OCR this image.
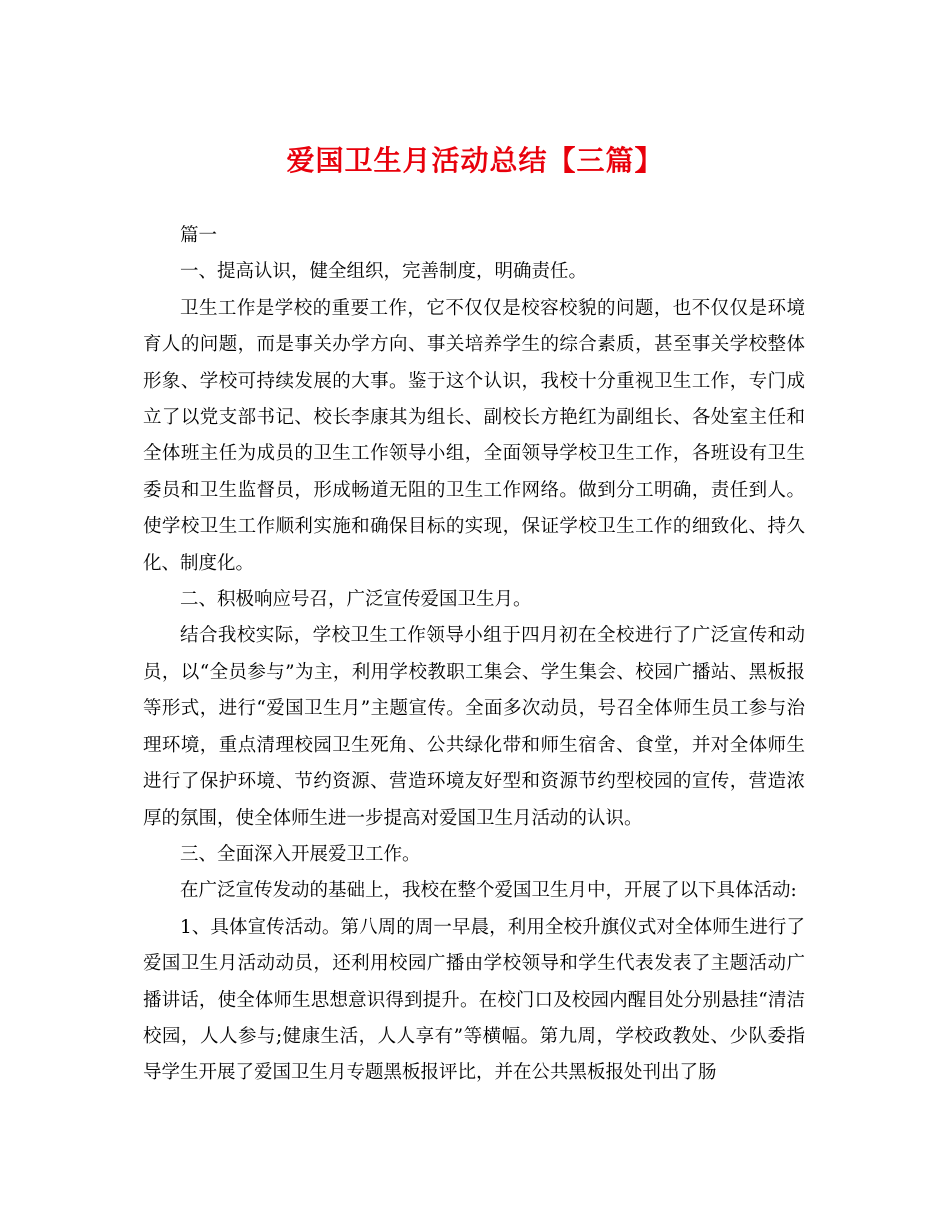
爱国卫生月活动总结【三篇】

篇一

一、提高认识，健全组织，完善制度，明确责任。

卫生工作是学校的重要工作，它不仅仅是校容校貌的问题，也不仅仅是环境育人的问题，而是事关办学方向、事关培养学生的综合素质，甚至事关学校整体形象、学校可持续发展的大事。鉴于这个认识，我校十分重视卫生工作，专门成立了以党支部书记、校长李康其为组长、副校长方艳红为副组长、各处室主任和全体班主任为成员的卫生工作领导小组，全面领导学校卫生工作，各班设有卫生委员和卫生监督员，形成畅道无阻的卫生工作网络。做到分工明确，责任到人。使学校卫生工作顺利实施和确保目标的实现，保证学校卫生工作的细致化、持久化、制度化。

二、积极响应号召，广泛宣传爱国卫生月。

结合我校实际，学校卫生工作领导小组于四月初在全校进行了广泛宣传和动员，以“全员参与”为主，利用学校教职工集会、学生集会、校园广播站、黑板报等形式，进行“爱国卫生月”主题宣传。全面多次动员，号召全体师生员工参与治理环境，重点清理校园卫生死角、公共绿化带和师生宿舍、食堂，并对全体师生进行了保护环境、节约资源、营造环境友好型和资源节约型校园的宣传，营造浓厚的氛围，使全体师生进一步提高对爱国卫生月活动的认识。

三、全面深入开展爱卫工作。

在广泛宣传发动的基础上，我校在整个爱国卫生月中，开展了以下具体活动:

1、具体宣传活动。第八周的周一早晨，利用全校升旗仪式对全体师生进行了爱国卫生月活动动员，还利用校园广播由学校领导和学生代表发表了主题活动广播讲话，使全体师生思想意识得到提升。在校门口及校园内醒目处分别悬挂“清洁校园，人人参与;健康生活，人人享有”等横幅。第九周，学校政教处、少队委指导学生开展了爱国卫生月专题黑板报评比，并在公共黑板报处刊出了肠
